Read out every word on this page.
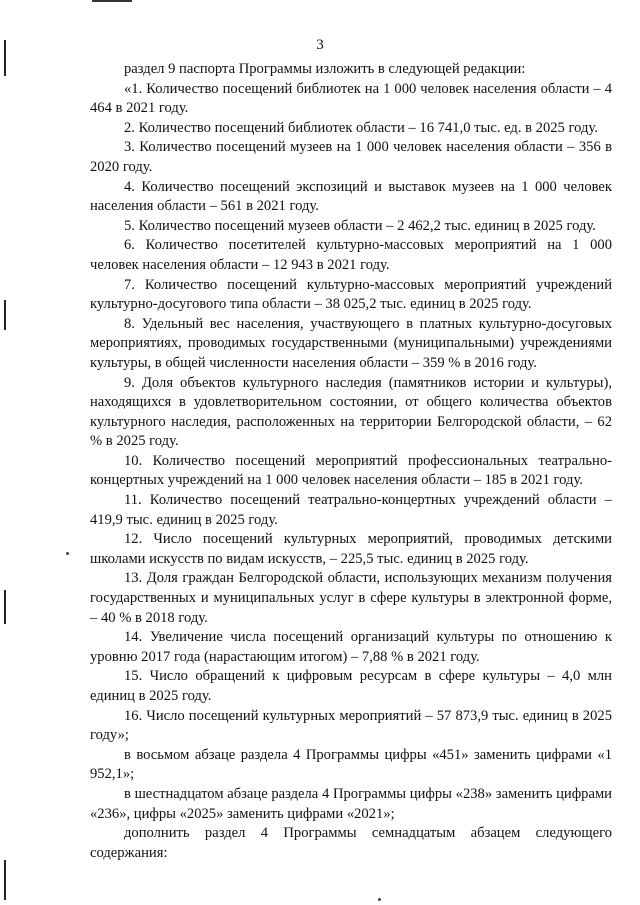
3

раздел 9 паспорта Программы изложить в следующей редакции:

«1. Количество посещений библиотек на 1 000 человек населения области – 4 464 в 2021 году.

2. Количество посещений библиотек области – 16 741,0 тыс. ед. в 2025 году.

3. Количество посещений музеев на 1 000 человек населения области – 356 в 2020 году.

4. Количество посещений экспозиций и выставок музеев на 1 000 человек населения области – 561 в 2021 году.

5. Количество посещений музеев области – 2 462,2 тыс. единиц в 2025 году.

6. Количество посетителей культурно-массовых мероприятий на 1 000 человек населения области – 12 943 в 2021 году.

7. Количество посещений культурно-массовых мероприятий учреждений культурно-досугового типа области – 38 025,2 тыс. единиц в 2025 году.

8. Удельный вес населения, участвующего в платных культурно-досуговых мероприятиях, проводимых государственными (муниципальными) учреждениями культуры, в общей численности населения области – 359 % в 2016 году.

9. Доля объектов культурного наследия (памятников истории и культуры), находящихся в удовлетворительном состоянии, от общего количества объектов культурного наследия, расположенных на территории Белгородской области, – 62 % в 2025 году.

10. Количество посещений мероприятий профессиональных театрально-концертных учреждений на 1 000 человек населения области – 185 в 2021 году.

11. Количество посещений театрально-концертных учреждений области – 419,9 тыс. единиц в 2025 году.

12. Число посещений культурных мероприятий, проводимых детскими школами искусств по видам искусств, – 225,5 тыс. единиц в 2025 году.

13. Доля граждан Белгородской области, использующих механизм получения государственных и муниципальных услуг в сфере культуры в электронной форме, – 40 % в 2018 году.

14. Увеличение числа посещений организаций культуры по отношению к уровню 2017 года (нарастающим итогом) – 7,88 % в 2021 году.

15. Число обращений к цифровым ресурсам в сфере культуры – 4,0 млн единиц в 2025 году.

16. Число посещений культурных мероприятий – 57 873,9 тыс. единиц в 2025 году»;

в восьмом абзаце раздела 4 Программы цифры «451» заменить цифрами «1 952,1»;

в шестнадцатом абзаце раздела 4 Программы цифры «238» заменить цифрами «236», цифры «2025» заменить цифрами «2021»;

дополнить раздел 4 Программы семнадцатым абзацем следующего содержания:
